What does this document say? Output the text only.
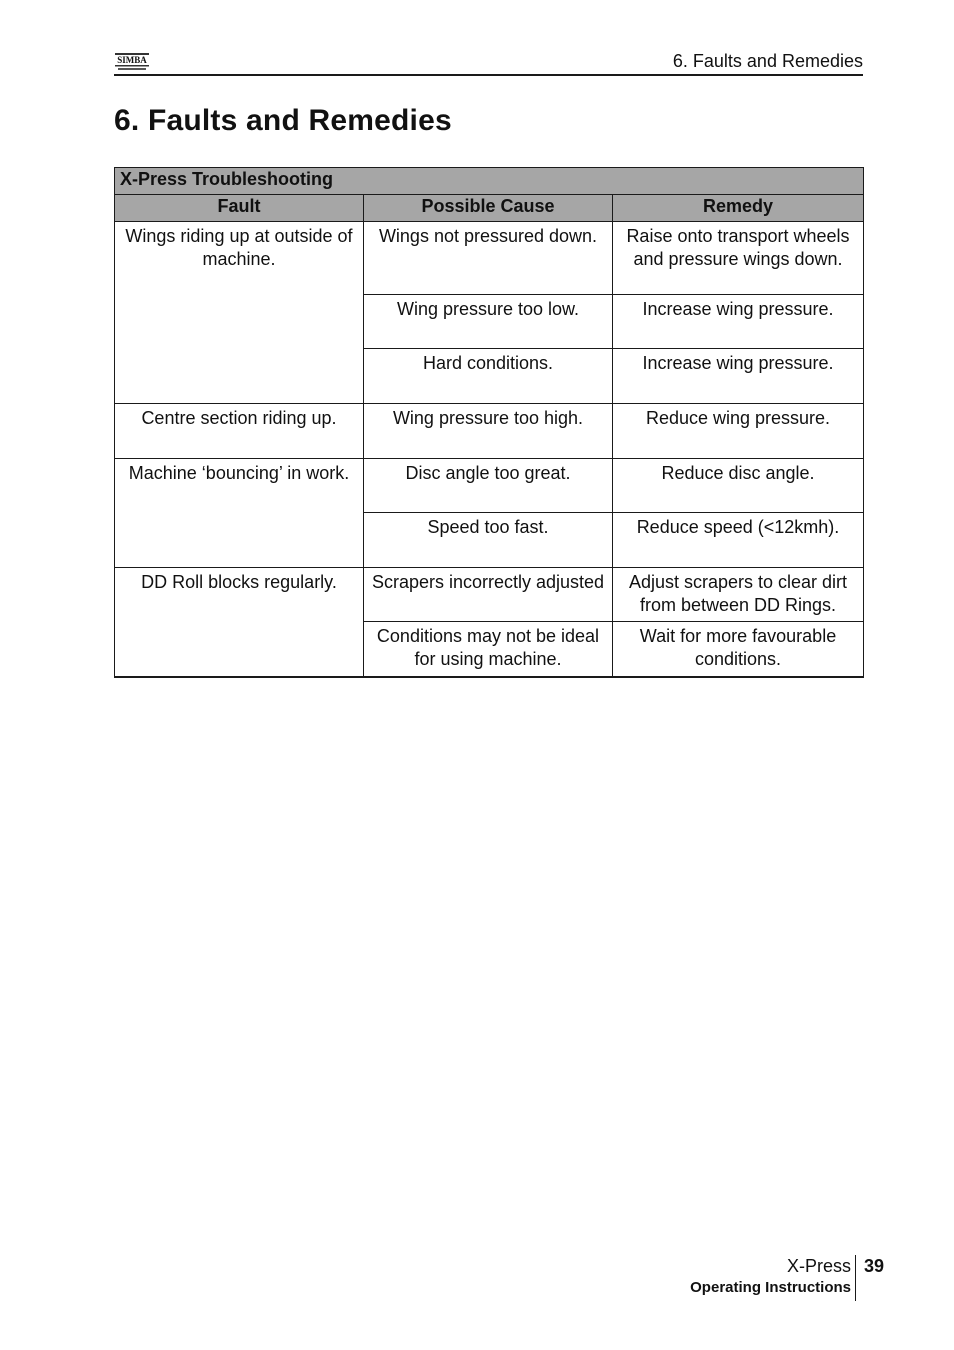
SIMBA	6. Faults and Remedies
6. Faults and Remedies
X-Press Troubleshooting		
Fault	Possible Cause	Remedy
Wings riding up at outside of machine.	Wings not pressured down.	Raise onto transport wheels and pressure wings down.
	Wing pressure too low.	Increase wing pressure.
	Hard conditions.	Increase wing pressure.
Centre section riding up.	Wing pressure too high.	Reduce wing pressure.
Machine ‘bouncing’ in work.	Disc angle too great.	Reduce disc angle.
	Speed too fast.	Reduce speed (<12kmh).
DD Roll blocks regularly.	Scrapers incorrectly adjusted	Adjust scrapers to clear dirt from between DD Rings.
	Conditions may not be ideal for using machine.	Wait for more favourable conditions.
X-Press
Operating Instructions
39
